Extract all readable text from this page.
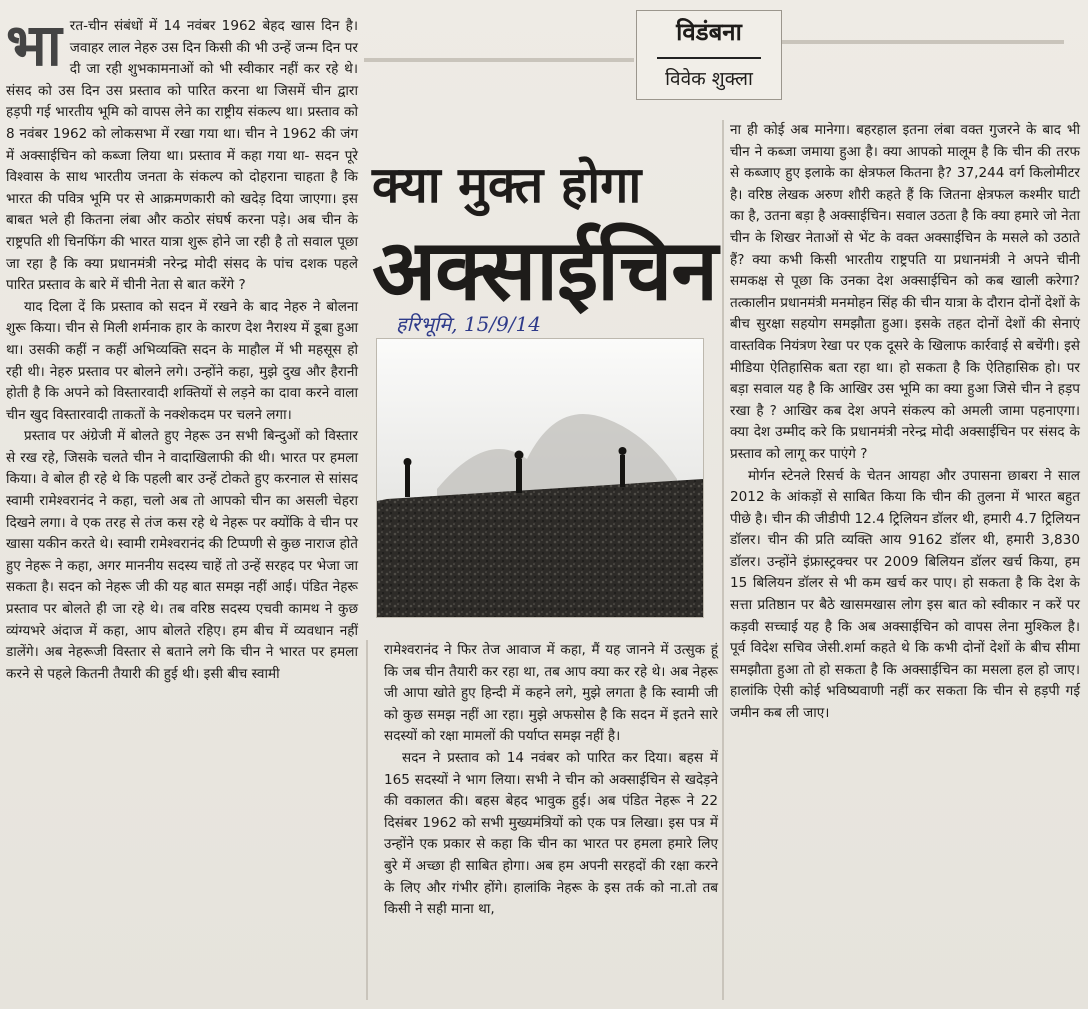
विडंबना
विवेक शुक्ला
क्या मुक्त होगा
अक्साईचिन
हरिभूमि, 15/9/14

भारत-चीन संबंधों में 14 नवंबर 1962 बेहद खास दिन है। जवाहर लाल नेहरु उस दिन किसी की भी उन्हें जन्म दिन पर दी जा रही शुभकामनाओं को भी स्वीकार नहीं कर रहे थे। संसद को उस दिन उस प्रस्ताव को पारित करना था जिसमें चीन द्वारा हड़पी गई भारतीय भूमि को वापस लेने का राष्ट्रीय संकल्प था। प्रस्ताव को 8 नवंबर 1962 को लोकसभा में रखा गया था। चीन ने 1962 की जंग में अक्साईचिन को कब्जा लिया था। प्रस्ताव में कहा गया था- सदन पूरे विश्वास के साथ भारतीय जनता के संकल्प को दोहराना चाहता है कि भारत की पवित्र भूमि पर से आक्रमणकारी को खदेड़ दिया जाएगा। इस बाबत भले ही कितना लंबा और कठोर संघर्ष करना पड़े। अब चीन के राष्ट्रपति शी चिनफिंग की भारत यात्रा शुरू होने जा रही है तो सवाल पूछा जा रहा है कि क्या प्रधानमंत्री नरेन्द्र मोदी संसद के पांच दशक पहले पारित प्रस्ताव के बारे में चीनी नेता से बात करेंगे ?

याद दिला दें कि प्रस्ताव को सदन में रखने के बाद नेहरु ने बोलना शुरू किया। चीन से मिली शर्मनाक हार के कारण देश नैराश्य में डूबा हुआ था। उसकी कहीं न कहीं अभिव्यक्ति सदन के माहौल में भी महसूस हो रही थी। नेहरु प्रस्ताव पर बोलने लगे। उन्होंने कहा, मुझे दुख और हैरानी होती है कि अपने को विस्तारवादी शक्तियों से लड़ने का दावा करने वाला चीन खुद विस्तारवादी ताकतों के नक्शेकदम पर चलने लगा।

प्रस्ताव पर अंग्रेजी में बोलते हुए नेहरू उन सभी बिन्दुओं को विस्तार से रख रहे, जिसके चलते चीन ने वादाखिलाफी की थी। भारत पर हमला किया। वे बोल ही रहे थे कि पहली बार उन्हें टोकते हुए करनाल से सांसद स्वामी रामेश्वरानंद ने कहा, चलो अब तो आपको चीन का असली चेहरा दिखने लगा। वे एक तरह से तंज कस रहे थे नेहरू पर क्योंकि वे चीन पर खासा यकीन करते थे। स्वामी रामेश्वरानंद की टिप्पणी से कुछ नाराज होते हुए नेहरू ने कहा, अगर माननीय सदस्य चाहें तो उन्हें सरहद पर भेजा जा सकता है। सदन को नेहरू जी की यह बात समझ नहीं आई। पंडित नेहरू प्रस्ताव पर बोलते ही जा रहे थे। तब वरिष्ठ सदस्य एचवी कामथ ने कुछ व्यंग्यभरे अंदाज में कहा, आप बोलते रहिए। हम बीच में व्यवधान नहीं डालेंगे। अब नेहरूजी विस्तार से बताने लगे कि चीन ने भारत पर हमला करने से पहले कितनी तैयारी की हुई थी। इसी बीच स्वामी

रामेश्वरानंद ने फिर तेज आवाज में कहा, मैं यह जानने में उत्सुक हूं कि जब चीन तैयारी कर रहा था, तब आप क्या कर रहे थे। अब नेहरू जी आपा खोते हुए हिन्दी में कहने लगे, मुझे लगता है कि स्वामी जी को कुछ समझ नहीं आ रहा। मुझे अफसोस है कि सदन में इतने सारे सदस्यों को रक्षा मामलों की पर्याप्त समझ नहीं है।

सदन ने प्रस्ताव को 14 नवंबर को पारित कर दिया। बहस में 165 सदस्यों ने भाग लिया। सभी ने चीन को अक्साईचिन से खदेड़ने की वकालत की। बहस बेहद भावुक हुई। अब पंडित नेहरू ने 22 दिसंबर 1962 को सभी मुख्यमंत्रियों को एक पत्र लिखा। इस पत्र में उन्होंने एक प्रकार से कहा कि चीन का भारत पर हमला हमारे लिए बुरे में अच्छा ही साबित होगा। अब हम अपनी सरहदों की रक्षा करने के लिए और गंभीर होंगे। हालांकि नेहरू के इस तर्क को ना.तो तब किसी ने सही माना था,

ना ही कोई अब मानेगा। बहरहाल इतना लंबा वक्त गुजरने के बाद भी चीन ने कब्जा जमाया हुआ है। क्या आपको मालूम है कि चीन की तरफ से कब्जाए हुए इलाके का क्षेत्रफल कितना है? 37,244 वर्ग किलोमीटर है। वरिष्ठ लेखक अरुण शौरी कहते हैं कि जितना क्षेत्रफल कश्मीर घाटी का है, उतना बड़ा है अक्साईचिन। सवाल उठता है कि क्या हमारे जो नेता चीन के शिखर नेताओं से भेंट के वक्त अक्साईचिन के मसले को उठाते हैं? क्या कभी किसी भारतीय राष्ट्रपति या प्रधानमंत्री ने अपने चीनी समकक्ष से पूछा कि उनका देश अक्साईचिन को कब खाली करेगा? तत्कालीन प्रधानमंत्री मनमोहन सिंह की चीन यात्रा के दौरान दोनों देशों के बीच सुरक्षा सहयोग समझौता हुआ। इसके तहत दोनों देशों की सेनाएं वास्तविक नियंत्रण रेखा पर एक दूसरे के खिलाफ कार्रवाई से बचेंगी। इसे मीडिया ऐतिहासिक बता रहा था। हो सकता है कि ऐतिहासिक हो। पर बड़ा सवाल यह है कि आखिर उस भूमि का क्या हुआ जिसे चीन ने हड़प रखा है ? आखिर कब देश अपने संकल्प को अमली जामा पहनाएगा। क्या देश उम्मीद करे कि प्रधानमंत्री नरेन्द्र मोदी अक्साईचिन पर संसद के प्रस्ताव को लागू कर पाएंगे ?

मोर्गन स्टेनले रिसर्च के चेतन आयहा और उपासना छाबरा ने साल 2012 के आंकड़ों से साबित किया कि चीन की तुलना में भारत बहुत पीछे है। चीन की जीडीपी 12.4 ट्रिलियन डॉलर थी, हमारी 4.7 ट्रिलियन डॉलर। चीन की प्रति व्यक्ति आय 9162 डॉलर थी, हमारी 3,830 डॉलर। उन्होंने इंफ्रास्ट्रक्चर पर 2009 बिलियन डॉलर खर्च किया, हम 15 बिलियन डॉलर से भी कम खर्च कर पाए। हो सकता है कि देश के सत्ता प्रतिष्ठान पर बैठे खासमखास लोग इस बात को स्वीकार न करें पर कड़वी सच्चाई यह है कि अब अक्साईचिन को वापस लेना मुश्किल है। पूर्व विदेश सचिव जेसी.शर्मा कहते थे कि कभी दोनों देशों के बीच सीमा समझौता हुआ तो हो सकता है कि अक्साईचिन का मसला हल हो जाए। हालांकि ऐसी कोई भविष्यवाणी नहीं कर सकता कि चीन से हड़पी गई जमीन कब ली जाए।
